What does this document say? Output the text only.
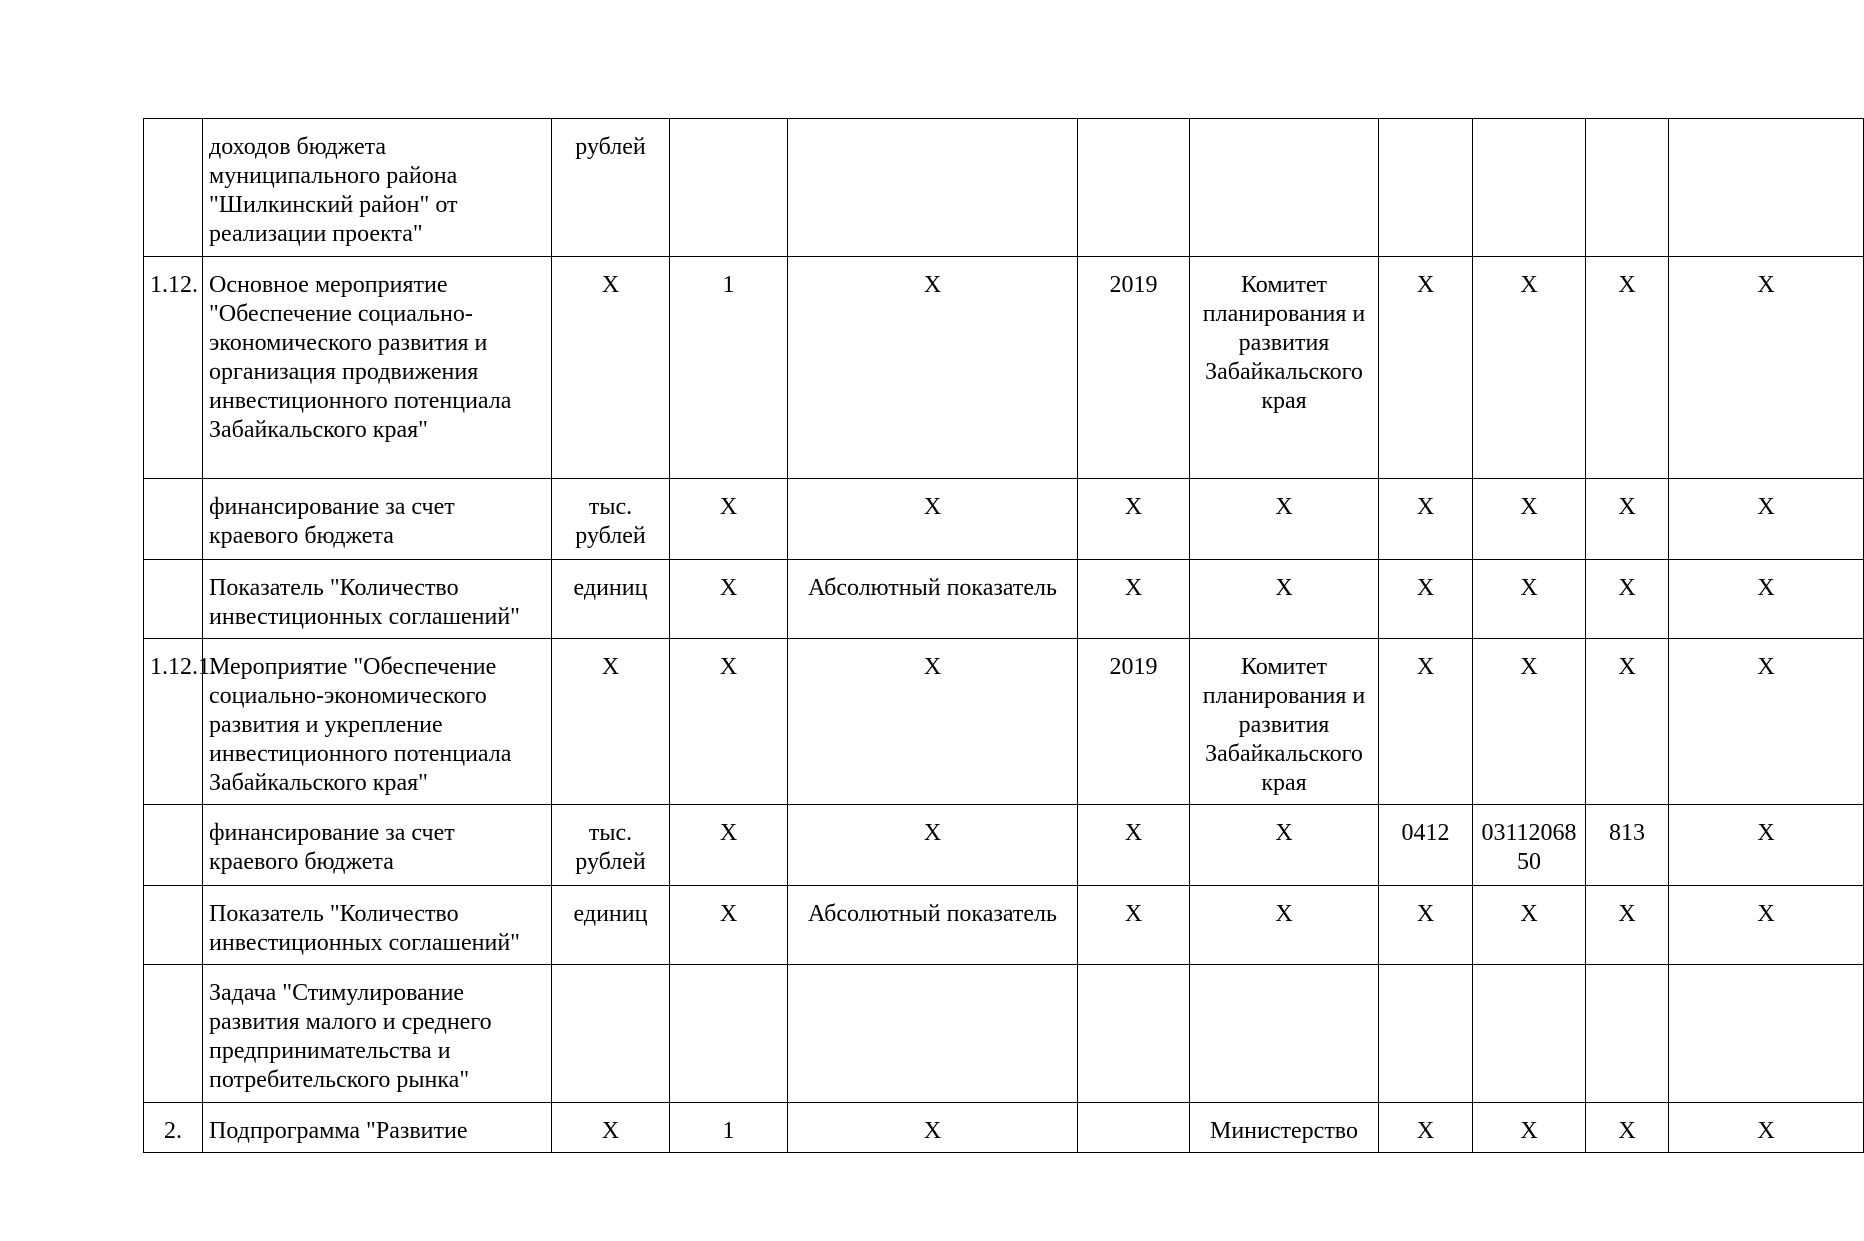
	доходов бюджета муниципального района "Шилкинский район" от реализации проекта"	рублей								
1.12.	Основное мероприятие "Обеспечение социально-экономического развития и организация продвижения инвестиционного потенциала Забайкальского края"	X	1	X	2019	Комитет планирования и развития Забайкальского края	X	X	X	X
	финансирование за счет краевого бюджета	тыс. рублей	X	X	X	X	X	X	X	X
	Показатель "Количество инвестиционных соглашений"	единиц	X	Абсолютный показатель	X	X	X	X	X	X
1.12.1.	Мероприятие "Обеспечение социально-экономического развития и укрепление инвестиционного потенциала Забайкальского края"	X	X	X	2019	Комитет планирования и развития Забайкальского края	X	X	X	X
	финансирование за счет краевого бюджета	тыс. рублей	X	X	X	X	0412	0311206850	813	X
	Показатель "Количество инвестиционных соглашений"	единиц	X	Абсолютный показатель	X	X	X	X	X	X
	Задача "Стимулирование развития малого и среднего предпринимательства и потребительского рынка"									
2.	Подпрограмма "Развитие	X	1	X		Министерство	X	X	X	X
